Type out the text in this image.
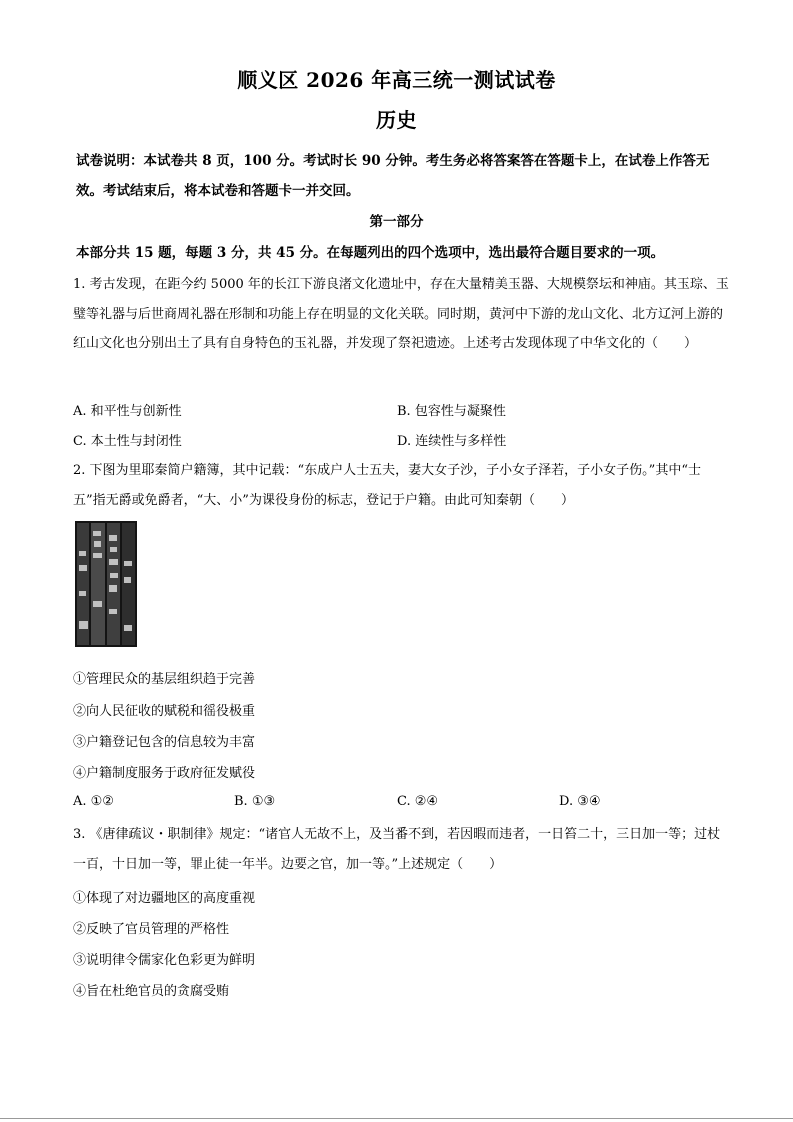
顺义区 2026 年高三统一测试试卷
历史
试卷说明：本试卷共 8 页，100 分。考试时长 90 分钟。考生务必将答案答在答题卡上，在试卷上作答无效。考试结束后，将本试卷和答题卡一并交回。
第一部分
本部分共 15 题，每题 3 分，共 45 分。在每题列出的四个选项中，选出最符合题目要求的一项。
1. 考古发现，在距今约 5000 年的长江下游良渚文化遗址中，存在大量精美玉器、大规模祭坛和神庙。其玉琮、玉璧等礼器与后世商周礼器在形制和功能上存在明显的文化关联。同时期，黄河中下游的龙山文化、北方辽河上游的红山文化也分别出土了具有自身特色的玉礼器，并发现了祭祀遗迹。上述考古发现体现了中华文化的（　　）
A. 和平性与创新性	B. 包容性与凝聚性
C. 本土性与封闭性	D. 连续性与多样性
2. 下图为里耶秦简户籍簿，其中记载：“东成户人士五夫，妻大女子沙，子小女子泽若，子小女子伤。”其中“士五”指无爵或免爵者，“大、小”为课役身份的标志，登记于户籍。由此可知秦朝（　　）
①管理民众的基层组织趋于完善
②向人民征收的赋税和徭役极重
③户籍登记包含的信息较为丰富
④户籍制度服务于政府征发赋役
A. ①②	B. ①③	C. ②④	D. ③④
3. 《唐律疏议・职制律》规定：“诸官人无故不上，及当番不到，若因暇而违者，一日笞二十，三日加一等；过杖一百，十日加一等，罪止徒一年半。边要之官，加一等。”上述规定（　　）
①体现了对边疆地区的高度重视
②反映了官员管理的严格性
③说明律令儒家化色彩更为鲜明
④旨在杜绝官员的贪腐受贿
